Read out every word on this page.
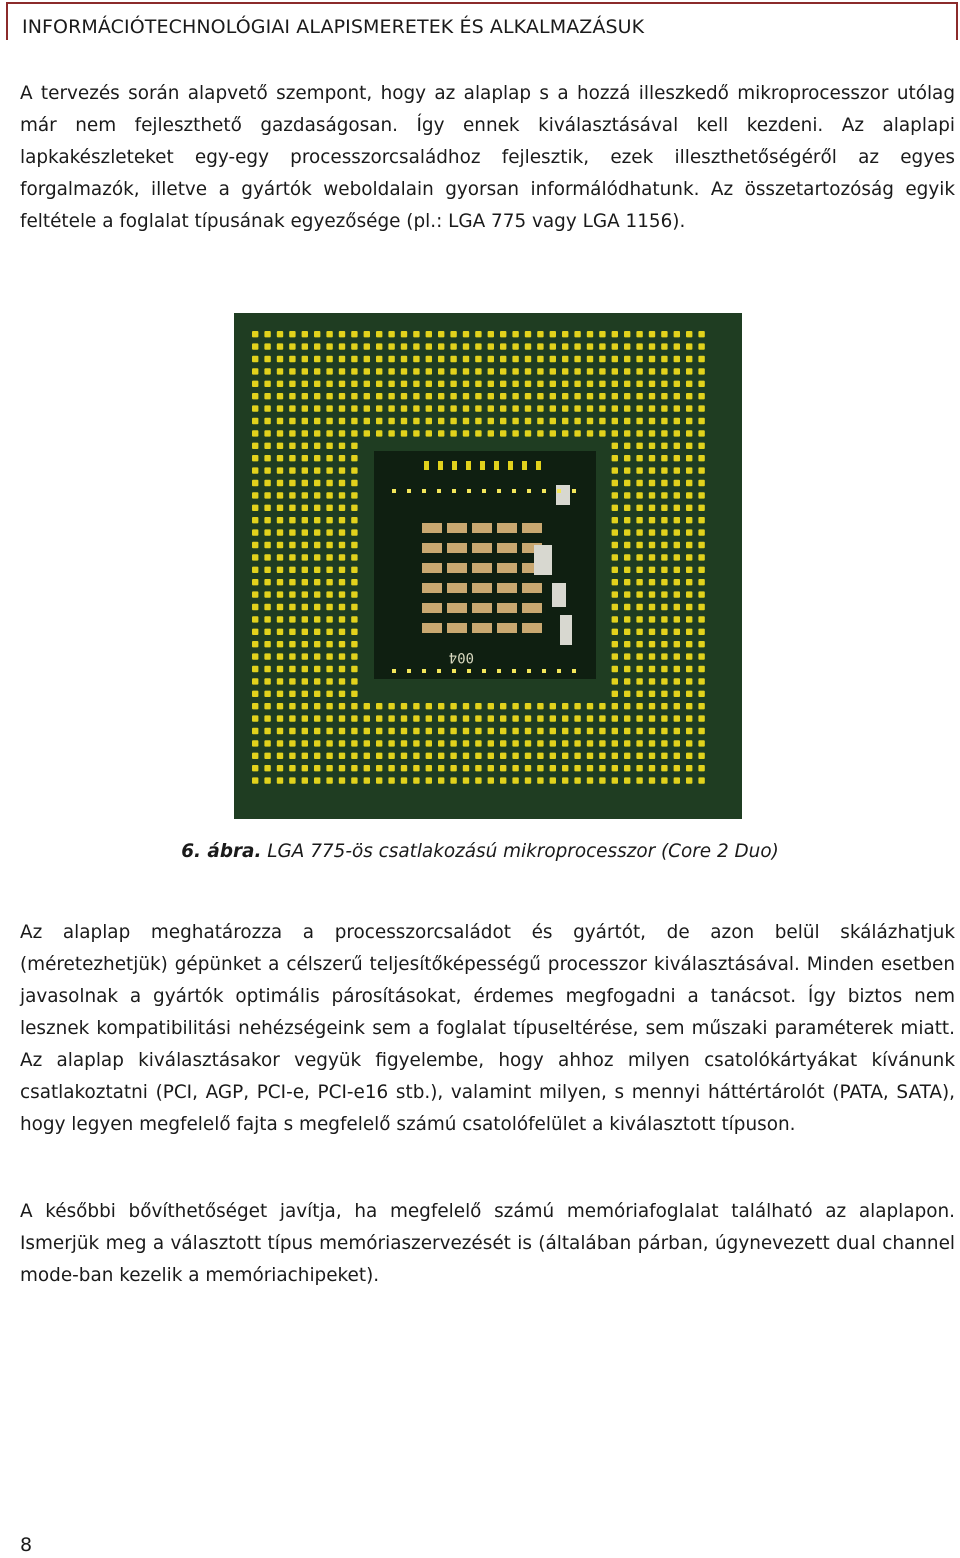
INFORMÁCIÓTECHNOLÓGIAI ALAPISMERETEK ÉS ALKALMAZÁSUK

A tervezés során alapvető szempont, hogy az alaplap s a hozzá illeszkedő mikroprocesszor utólag már nem fejleszthető gazdaságosan. Így ennek kiválasztásával kell kezdeni. Az alaplapi lapkakészleteket egy-egy processzorcsaládhoz fejlesztik, ezek illeszthetőségéről az egyes forgalmazók, illetve a gyártók weboldalain gyorsan informálódhatunk. Az összetartozóság egyik feltétele a foglalat típusának egyezősége (pl.: LGA 775 vagy LGA 1156).

004
6. ábra. LGA 775-ös csatlakozású mikroprocesszor (Core 2 Duo)

Az alaplap meghatározza a processzorcsaládot és gyártót, de azon belül skálázhatjuk (méretezhetjük) gépünket a célszerű teljesítőképességű processzor kiválasztásával. Minden esetben javasolnak a gyártók optimális párosításokat, érdemes megfogadni a tanácsot. Így biztos nem lesznek kompatibilitási nehézségeink sem a foglalat típuseltérése, sem műszaki paraméterek miatt. Az alaplap kiválasztásakor vegyük figyelembe, hogy ahhoz milyen csatolókártyákat kívánunk csatlakoztatni (PCI, AGP, PCI-e, PCI-e16 stb.), valamint milyen, s mennyi háttértárolót (PATA, SATA), hogy legyen megfelelő fajta s megfelelő számú csatolófelület a kiválasztott típuson.

A későbbi bővíthetőséget javítja, ha megfelelő számú memóriafoglalat található az alaplapon. Ismerjük meg a választott típus memóriaszervezését is (általában párban, úgynevezett dual channel mode-ban kezelik a memóriachipeket).

8
